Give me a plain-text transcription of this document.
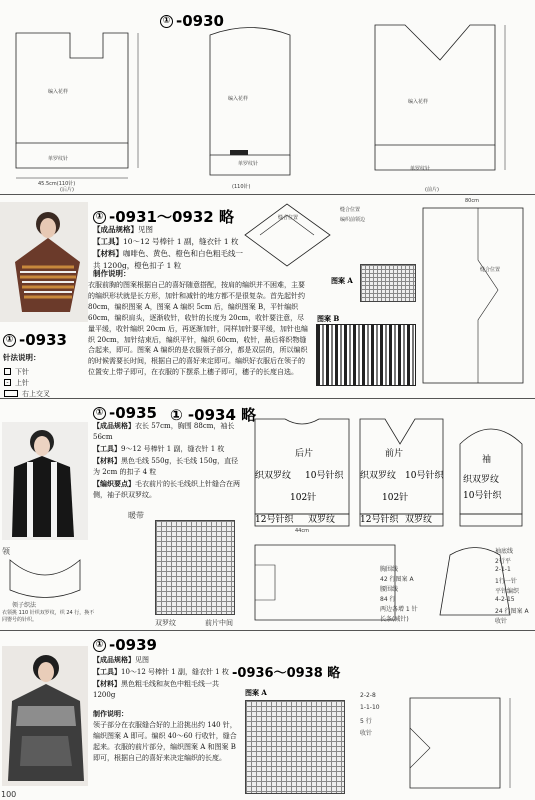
① -0930
编入花样
单罗纹针
45.5cm(110针)
(后片)
编入花样
单罗纹针
(110针)
编入花样
单罗纹针
(前片)
① -0931～0932 略
【成品规格】见图
【工具】10～12 号棒针 1 副，缝衣针 1 枚
【材料】咖啡色、黄色、橙色和白色粗毛线一共 1200g，橙色扣子 1 粒
制作说明：
衣服前胸的图案根据自己的喜好随意搭配，按肩的编织并不困难，主要的编织形状就是长方形，加针和减针的地方都不是很复杂。首先起针约 80cm，编织图案 A，图案 A 编织 5cm 后，编织图案 B，平针编织 60cm，编织肩头，逐渐收针，收针的长度为 20cm，收针要注意，尽量平缓，收针编织 20cm 后，再逐渐加针，同样加针要平缓，加针也编织 20cm，加针结束后，编织平针，编织 60cm，收针，最后将织物缝合起来，即可。图案 A 编织的是衣服领子部分，都是双层的，所以编织的时候需要长时间，根据自己的喜好来定即可。编织好衣服后在领子的位置安上带子即可，在衣服的下摆系上穗子即可，穗子的长度自选。
① -0933
针法说明：
下针
- 上针
右上交叉
缝合位置
缝合位置
编织前领边
图案 A
图案 B
80cm
缝合位置
① -0935 ① -0934 略
【成品规格】衣长 57cm，胸围 88cm，袖长 56cm
【工具】9～12 号棒针 1 副，缝衣针 1 枚
【材料】黑色毛线 550g，长毛线 150g，直径为 2cm 的扣子 4 粒
【编织要点】毛衣前片的长毛线织上针缝合在两侧，袖子织双罗纹。
暖带
双罗纹	前片中间
领
领子织法
衣领挑 110 针织双罗纹，织 24 行，换不同婴号的针织。
后片
织双罗纹 10号针织
102针
12号针织 双罗纹
44cm
前片
织双罗纹 10号针织
102针
12号针织 双罗纹
袖
织双罗纹
10号针织
胸围线
42 行图案 A
腰围线
84 行
两边各增 1 针
长条(减针)
袖底线
2行平
2-1-1
1行一针
平针编织
4-2-15
24 行图案 A
收针
① -0939
【成品规格】见图
【工具】10～12 号棒针 1 副，缝衣针 1 枚
【材料】黑色粗毛线和灰色中粗毛线一共 1200g
制作说明：
领子部分在衣服缝合好的上沿挑出约 140 针，编织图案 A 即可。编织 40～60 行收针，缝合起来。衣服的前片部分，编织图案 A 和图案 B 即可，根据自己的喜好来决定编织的长度。
-0936～0938 略
图案 A	2-2-8
1-1-10
5 行
收针
100
